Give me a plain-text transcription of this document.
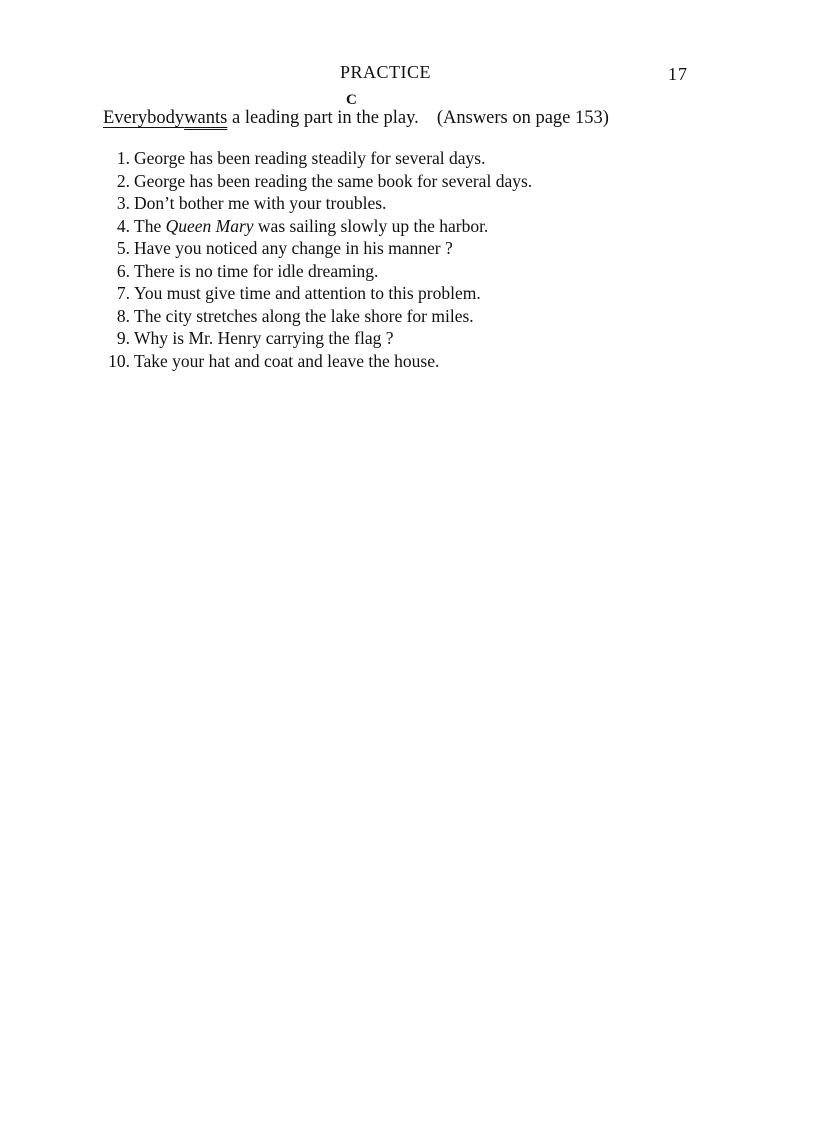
PRACTICE	17
C
Everybodywants a leading part in the play. (Answers on page 153)
1. George has been reading steadily for several days.
2. George has been reading the same book for several days.
3. Don’t bother me with your troubles.
4. The Queen Mary was sailing slowly up the harbor.
5. Have you noticed any change in his manner ?
6. There is no time for idle dreaming.
7. You must give time and attention to this problem.
8. The city stretches along the lake shore for miles.
9. Why is Mr. Henry carrying the flag ?
10. Take your hat and coat and leave the house.
